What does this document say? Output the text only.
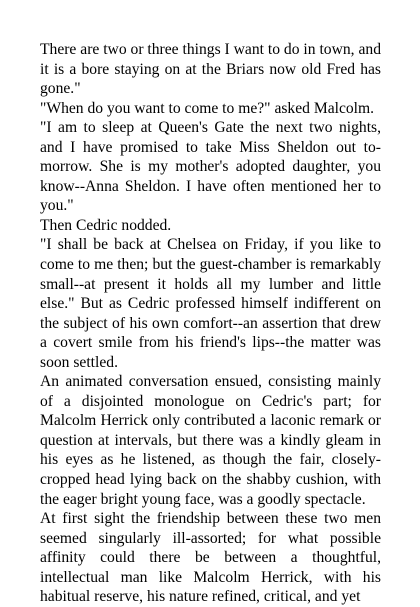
There are two or three things I want to do in town, and it is a bore staying on at the Briars now old Fred has gone."

"When do you want to come to me?" asked Malcolm.

"I am to sleep at Queen's Gate the next two nights, and I have promised to take Miss Sheldon out to-morrow. She is my mother's adopted daughter, you know--Anna Sheldon. I have often mentioned her to you."

Then Cedric nodded.

"I shall be back at Chelsea on Friday, if you like to come to me then; but the guest-chamber is remarkably small--at present it holds all my lumber and little else." But as Cedric professed himself indifferent on the subject of his own comfort--an assertion that drew a covert smile from his friend's lips--the matter was soon settled.

An animated conversation ensued, consisting mainly of a disjointed monologue on Cedric's part; for Malcolm Herrick only contributed a laconic remark or question at intervals, but there was a kindly gleam in his eyes as he listened, as though the fair, closely-cropped head lying back on the shabby cushion, with the eager bright young face, was a goodly spectacle.

At first sight the friendship between these two men seemed singularly ill-assorted; for what possible affinity could there be between a thoughtful, intellectual man like Malcolm Herrick, with his habitual reserve, his nature refined, critical, and yet
